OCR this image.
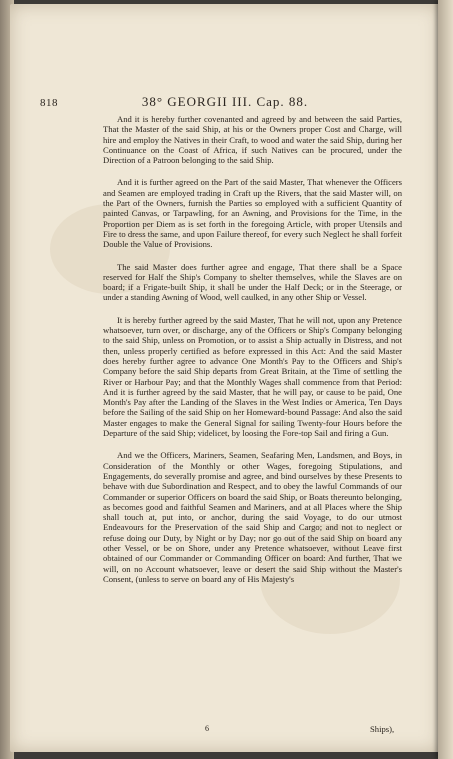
818	38° GEORGII III. Cap. 88.

And it is hereby further covenanted and agreed by and between the said Parties, That the Master of the said Ship, at his or the Owners proper Cost and Charge, will hire and employ the Natives in their Craft, to wood and water the said Ship, during her Continuance on the Coast of Africa, if such Natives can be procured, under the Direction of a Patroon belonging to the said Ship.

And it is further agreed on the Part of the said Master, That whenever the Officers and Seamen are employed trading in Craft up the Rivers, that the said Master will, on the Part of the Owners, furnish the Parties so employed with a sufficient Quantity of painted Canvas, or Tarpawling, for an Awning, and Provisions for the Time, in the Proportion per Diem as is set forth in the foregoing Article, with proper Utensils and Fire to dress the same, and upon Failure thereof, for every such Neglect he shall forfeit Double the Value of Provisions.

The said Master does further agree and engage, That there shall be a Space reserved for Half the Ship's Company to shelter themselves, while the Slaves are on board; if a Frigate-built Ship, it shall be under the Half Deck; or in the Steerage, or under a standing Awning of Wood, well caulked, in any other Ship or Vessel.

It is hereby further agreed by the said Master, That he will not, upon any Pretence whatsoever, turn over, or discharge, any of the Officers or Ship's Company belonging to the said Ship, unless on Promotion, or to assist a Ship actually in Distress, and not then, unless properly certified as before expressed in this Act: And the said Master does hereby further agree to advance One Month's Pay to the Officers and Ship's Company before the said Ship departs from Great Britain, at the Time of settling the River or Harbour Pay; and that the Monthly Wages shall commence from that Period: And it is further agreed by the said Master, that he will pay, or cause to be paid, One Month's Pay after the Landing of the Slaves in the West Indies or America, Ten Days before the Sailing of the said Ship on her Homeward-bound Passage: And also the said Master engages to make the General Signal for sailing Twenty-four Hours before the Departure of the said Ship; videlicet, by loosing the Fore-top Sail and firing a Gun.

And we the Officers, Mariners, Seamen, Seafaring Men, Landsmen, and Boys, in Consideration of the Monthly or other Wages, foregoing Stipulations, and Engagements, do severally promise and agree, and bind ourselves by these Presents to behave with due Subordination and Respect, and to obey the lawful Commands of our Commander or superior Officers on board the said Ship, or Boats thereunto belonging, as becomes good and faithful Seamen and Mariners, and at all Places where the Ship shall touch at, put into, or anchor, during the said Voyage, to do our utmost Endeavours for the Preservation of the said Ship and Cargo; and not to neglect or refuse doing our Duty, by Night or by Day; nor go out of the said Ship on board any other Vessel, or be on Shore, under any Pretence whatsoever, without Leave first obtained of our Commander or Commanding Officer on board: And further, That we will, on no Account whatsoever, leave or desert the said Ship without the Master's Consent, (unless to serve on board any of His Majesty's

6	Ships),
